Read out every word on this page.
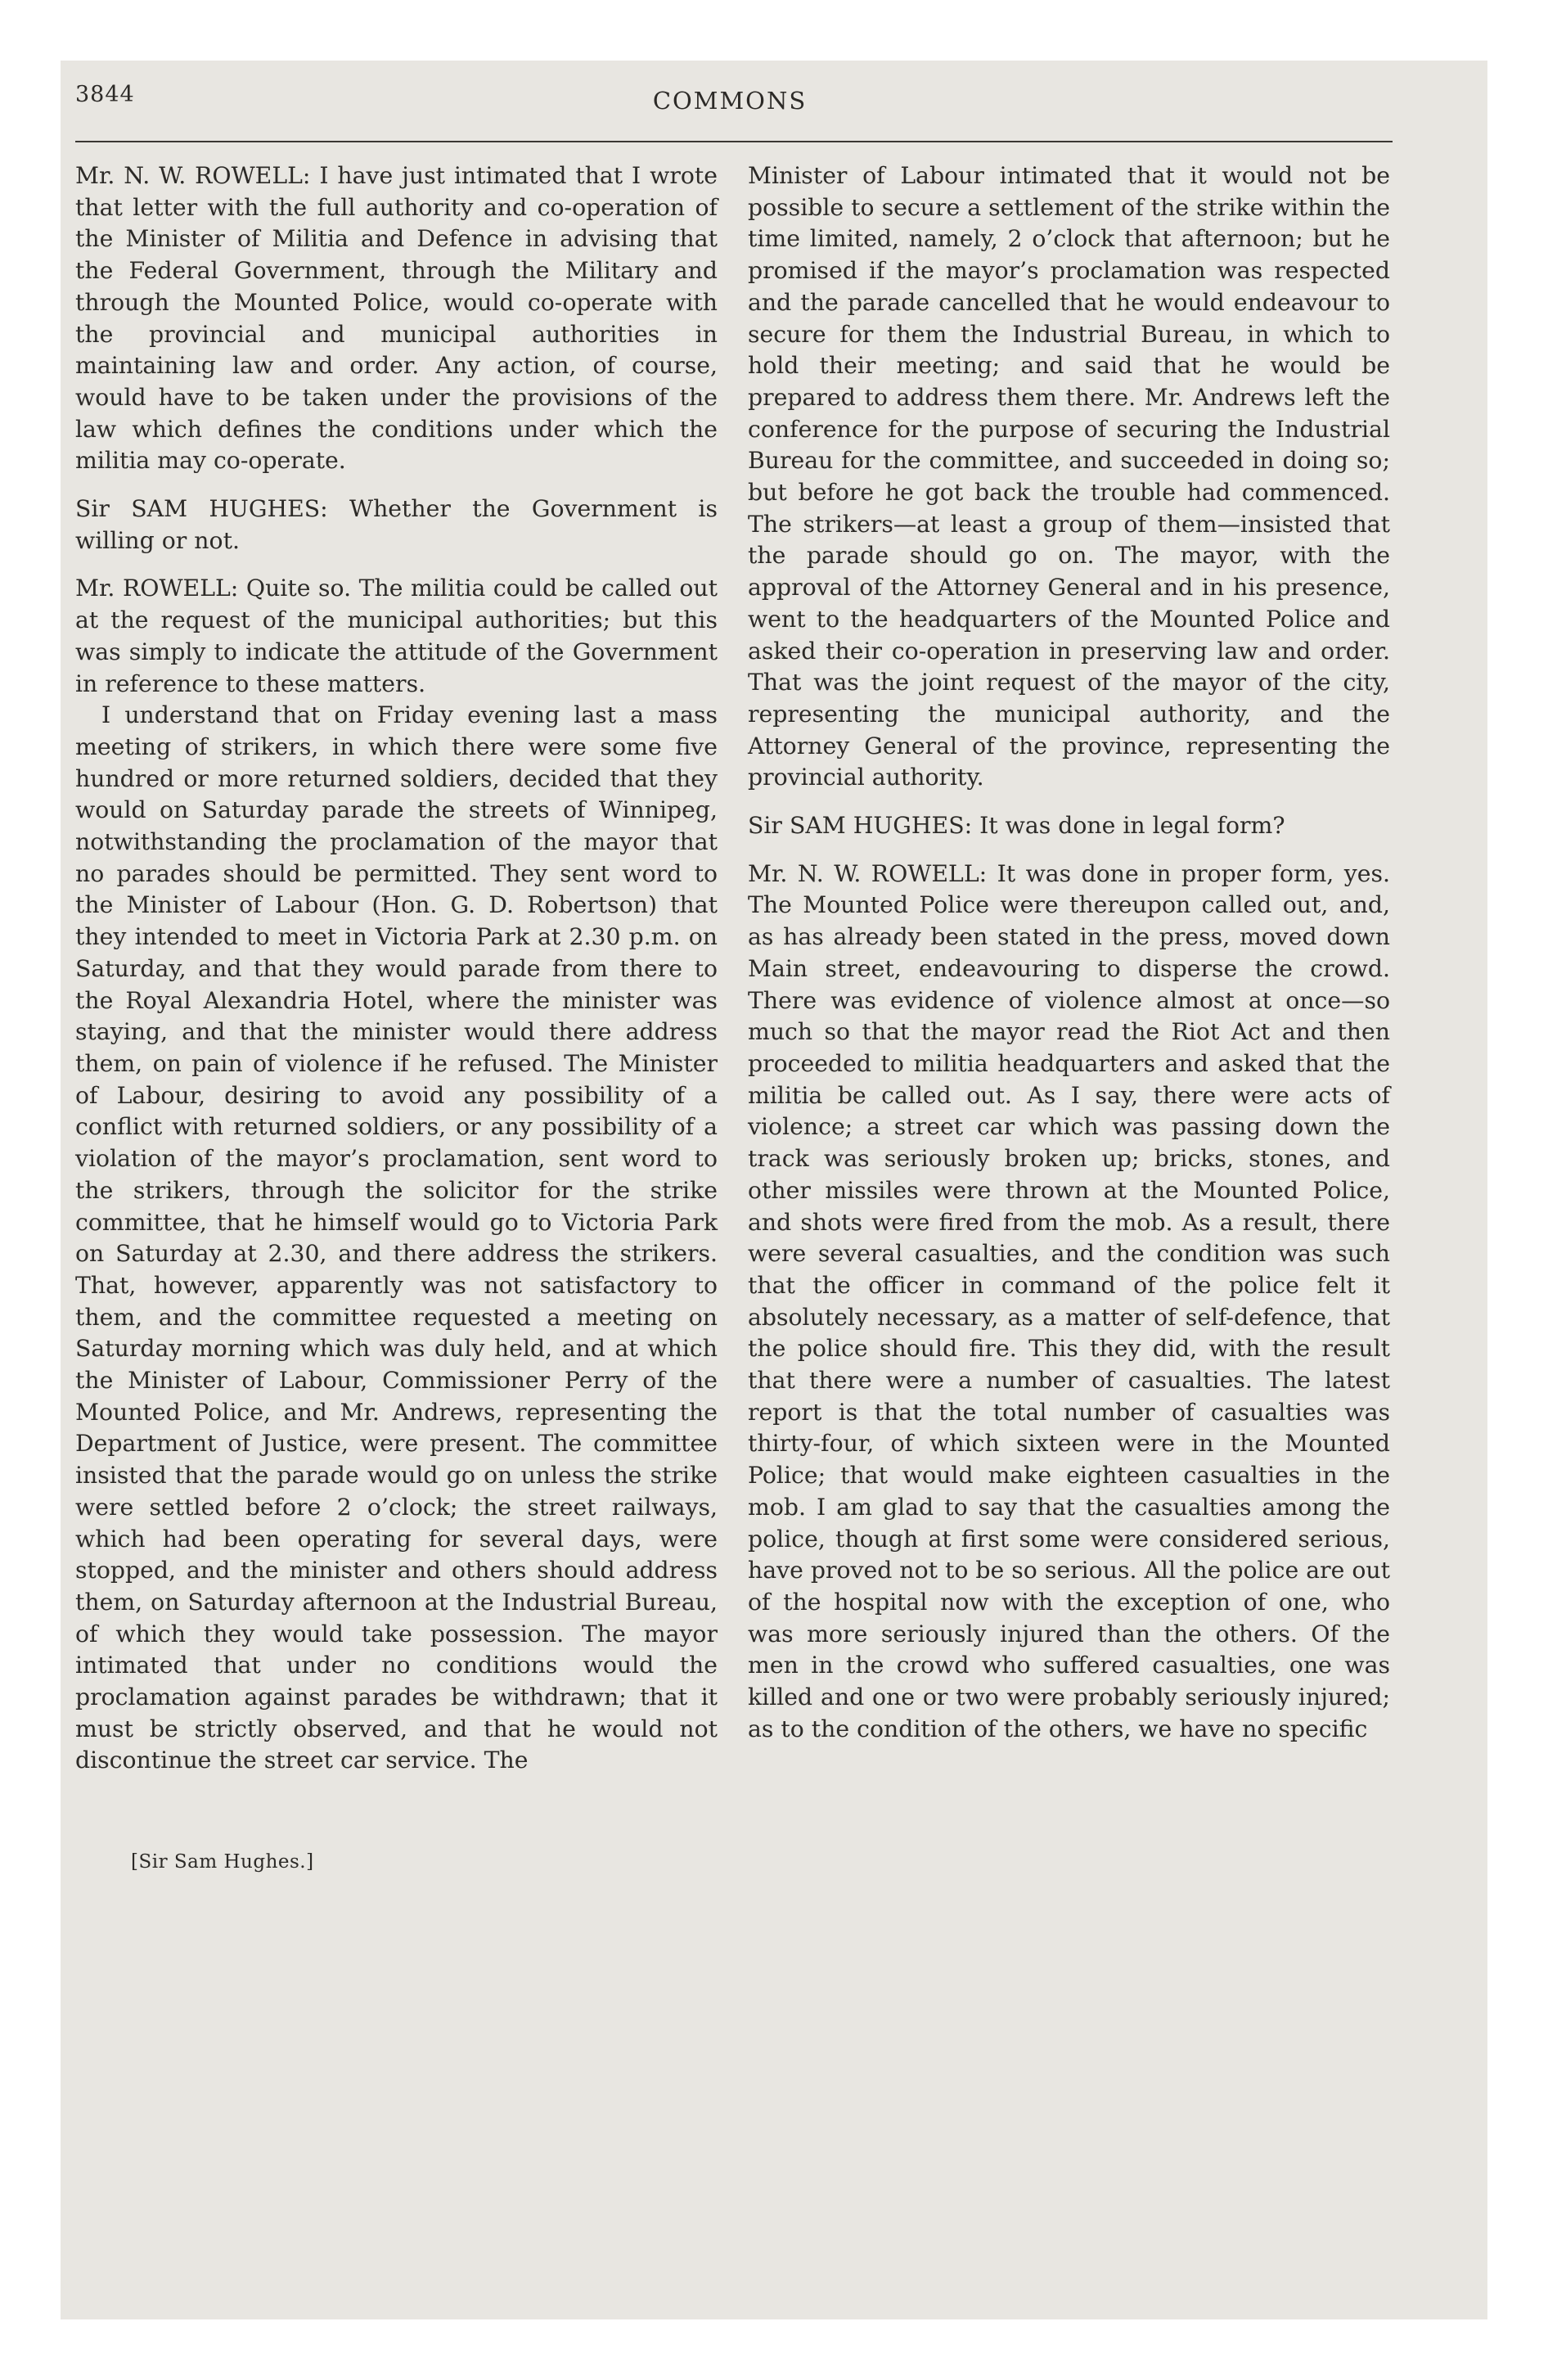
3844	COMMONS

Mr. N. W. ROWELL: I have just intimated that I wrote that letter with the full authority and co-operation of the Minister of Militia and Defence in advising that the Federal Government, through the Military and through the Mounted Police, would co-operate with the provincial and municipal authorities in maintaining law and order. Any action, of course, would have to be taken under the provisions of the law which defines the conditions under which the militia may co-operate.

Sir SAM HUGHES: Whether the Government is willing or not.

Mr. ROWELL: Quite so. The militia could be called out at the request of the municipal authorities; but this was simply to indicate the attitude of the Government in reference to these matters.

I understand that on Friday evening last a mass meeting of strikers, in which there were some five hundred or more returned soldiers, decided that they would on Saturday parade the streets of Winnipeg, notwithstanding the proclamation of the mayor that no parades should be permitted. They sent word to the Minister of Labour (Hon. G. D. Robertson) that they intended to meet in Victoria Park at 2.30 p.m. on Saturday, and that they would parade from there to the Royal Alexandria Hotel, where the minister was staying, and that the minister would there address them, on pain of violence if he refused. The Minister of Labour, desiring to avoid any possibility of a conflict with returned soldiers, or any possibility of a violation of the mayor’s proclamation, sent word to the strikers, through the solicitor for the strike committee, that he himself would go to Victoria Park on Saturday at 2.30, and there address the strikers. That, however, apparently was not satisfactory to them, and the committee requested a meeting on Saturday morning which was duly held, and at which the Minister of Labour, Commissioner Perry of the Mounted Police, and Mr. Andrews, representing the Department of Justice, were present. The committee insisted that the parade would go on unless the strike were settled before 2 o’clock; the street railways, which had been operating for several days, were stopped, and the minister and others should address them, on Saturday afternoon at the Industrial Bureau, of which they would take possession. The mayor intimated that under no conditions would the proclamation against parades be withdrawn; that it must be strictly observed, and that he would not discontinue the street car service. The

Minister of Labour intimated that it would not be possible to secure a settlement of the strike within the time limited, namely, 2 o’clock that afternoon; but he promised if the mayor’s proclamation was respected and the parade cancelled that he would endeavour to secure for them the Industrial Bureau, in which to hold their meeting; and said that he would be prepared to address them there. Mr. Andrews left the conference for the purpose of securing the Industrial Bureau for the committee, and succeeded in doing so; but before he got back the trouble had commenced. The strikers—at least a group of them—insisted that the parade should go on. The mayor, with the approval of the Attorney General and in his presence, went to the headquarters of the Mounted Police and asked their co-operation in preserving law and order. That was the joint request of the mayor of the city, representing the municipal authority, and the Attorney General of the province, representing the provincial authority.

Sir SAM HUGHES: It was done in legal form?

Mr. N. W. ROWELL: It was done in proper form, yes. The Mounted Police were thereupon called out, and, as has already been stated in the press, moved down Main street, endeavouring to disperse the crowd. There was evidence of violence almost at once—so much so that the mayor read the Riot Act and then proceeded to militia headquarters and asked that the militia be called out. As I say, there were acts of violence; a street car which was passing down the track was seriously broken up; bricks, stones, and other missiles were thrown at the Mounted Police, and shots were fired from the mob. As a result, there were several casualties, and the condition was such that the officer in command of the police felt it absolutely necessary, as a matter of self-defence, that the police should fire. This they did, with the result that there were a number of casualties. The latest report is that the total number of casualties was thirty-four, of which sixteen were in the Mounted Police; that would make eighteen casualties in the mob. I am glad to say that the casualties among the police, though at first some were considered serious, have proved not to be so serious. All the police are out of the hospital now with the exception of one, who was more seriously injured than the others. Of the men in the crowd who suffered casualties, one was killed and one or two were probably seriously injured; as to the condition of the others, we have no specific

[Sir Sam Hughes.]
